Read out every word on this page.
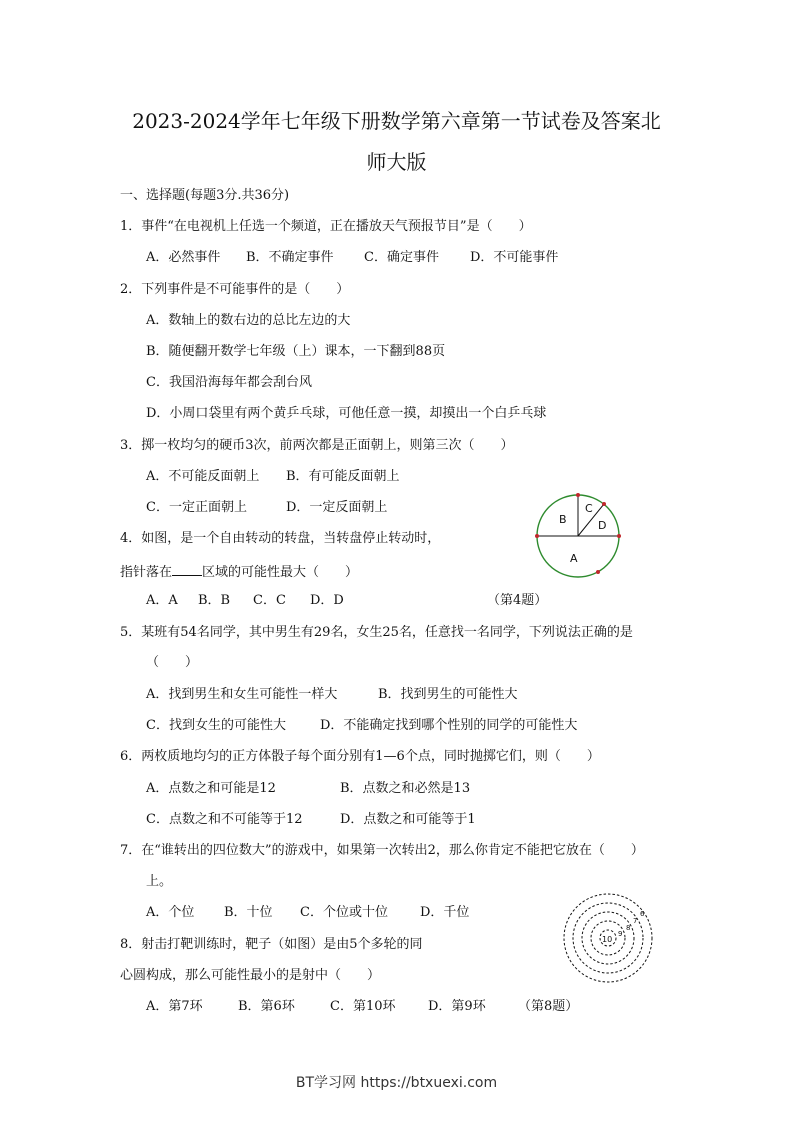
2023-2024学年七年级下册数学第六章第一节试卷及答案北
师大版
一、选择题(每题3分.共36分)
1．事件“在电视机上任选一个频道，正在播放天气预报节目”是（　　）
A．必然事件 B．不确定事件 C．确定事件 D．不可能事件
2．下列事件是不可能事件的是（　　）
A．数轴上的数右边的总比左边的大
B．随便翻开数学七年级（上）课本，一下翻到88页
C．我国沿海每年都会刮台风
D．小周口袋里有两个黄乒乓球，可他任意一摸，却摸出一个白乒乓球
3．掷一枚均匀的硬币3次，前两次都是正面朝上，则第三次（　　）
A．不可能反面朝上 B．有可能反面朝上
C．一定正面朝上	D．一定反面朝上
4．如图，是一个自由转动的转盘，当转盘停止转动时，
指针落在 区域的可能性最大（　　）
A．A B．B C．C D．D	（第4题）
A
B
C
D
5．某班有54名同学，其中男生有29名，女生25名，任意找一名同学，下列说法正确的是
（　　）
A．找到男生和女生可能性一样大	B．找到男生的可能性大
C．找到女生的可能性大	D．不能确定找到哪个性别的同学的可能性大
6．两枚质地均匀的正方体骰子每个面分别有1—6个点，同时抛掷它们，则（　　）
A．点数之和可能是12	B．点数之和必然是13
C．点数之和不可能等于12	D．点数之和可能等于1
7．在“谁转出的四位数大”的游戏中，如果第一次转出2，那么你肯定不能把它放在（　　）
上。
A．个位 B．十位 C．个位或十位 D．千位
8．射击打靶训练时，靶子（如图）是由5个多轮的同
心圆构成，那么可能性最小的是射中（　　）
A．第7环	B．第6环	C．第10环	D．第9环 （第8题）
10
9
8
7
6
BT学习网 https://btxuexi.com
